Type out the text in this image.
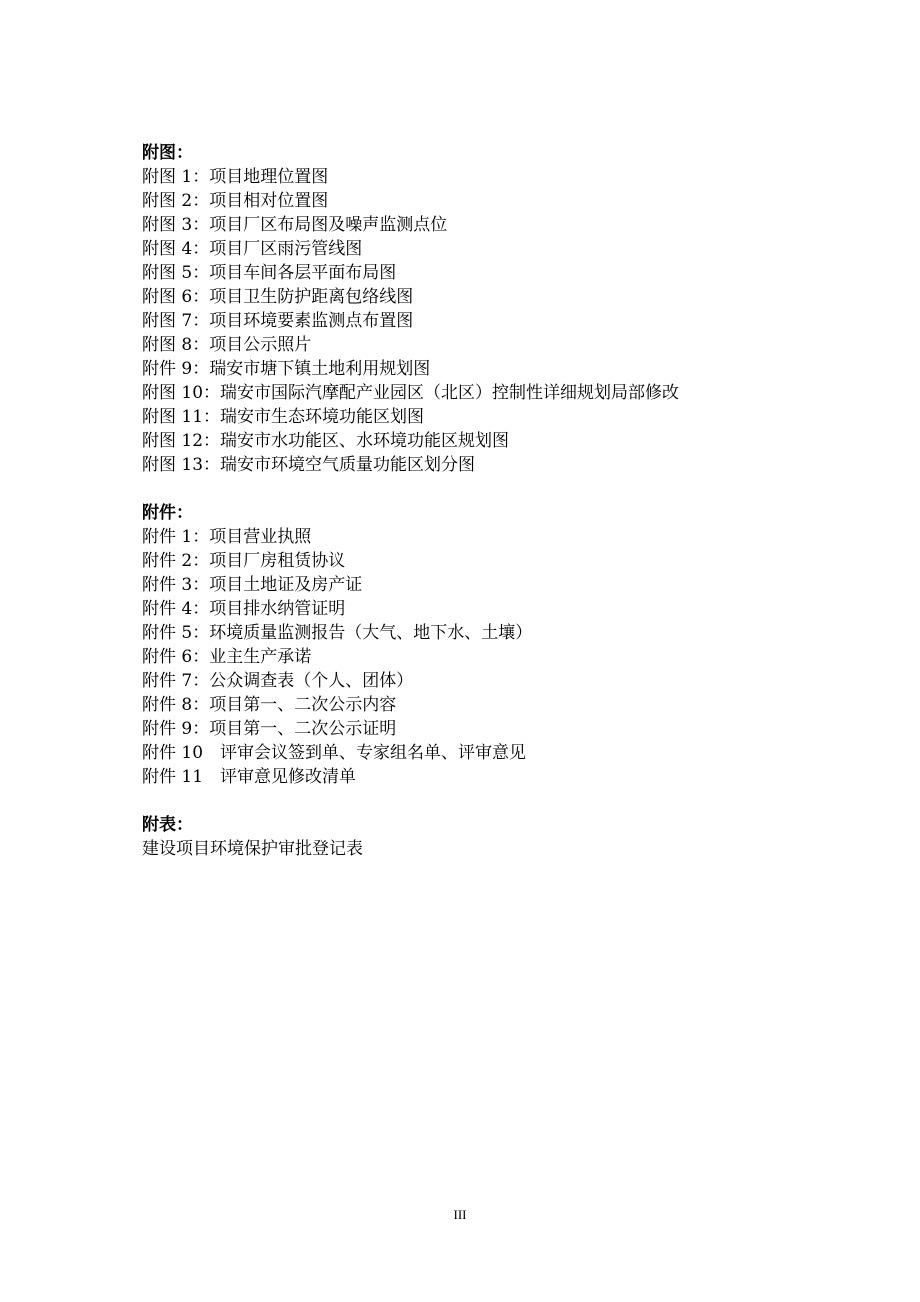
附图：
附图 1：项目地理位置图
附图 2：项目相对位置图
附图 3：项目厂区布局图及噪声监测点位
附图 4：项目厂区雨污管线图
附图 5：项目车间各层平面布局图
附图 6：项目卫生防护距离包络线图
附图 7：项目环境要素监测点布置图
附图 8：项目公示照片
附件 9：瑞安市塘下镇土地利用规划图
附图 10：瑞安市国际汽摩配产业园区（北区）控制性详细规划局部修改
附图 11：瑞安市生态环境功能区划图
附图 12：瑞安市水功能区、水环境功能区规划图
附图 13：瑞安市环境空气质量功能区划分图
附件：
附件 1：项目营业执照
附件 2：项目厂房租赁协议
附件 3：项目土地证及房产证
附件 4：项目排水纳管证明
附件 5：环境质量监测报告（大气、地下水、土壤）
附件 6：业主生产承诺
附件 7：公众调查表（个人、团体）
附件 8：项目第一、二次公示内容
附件 9：项目第一、二次公示证明
附件 10　评审会议签到单、专家组名单、评审意见
附件 11　评审意见修改清单
附表：
建设项目环境保护审批登记表
III
